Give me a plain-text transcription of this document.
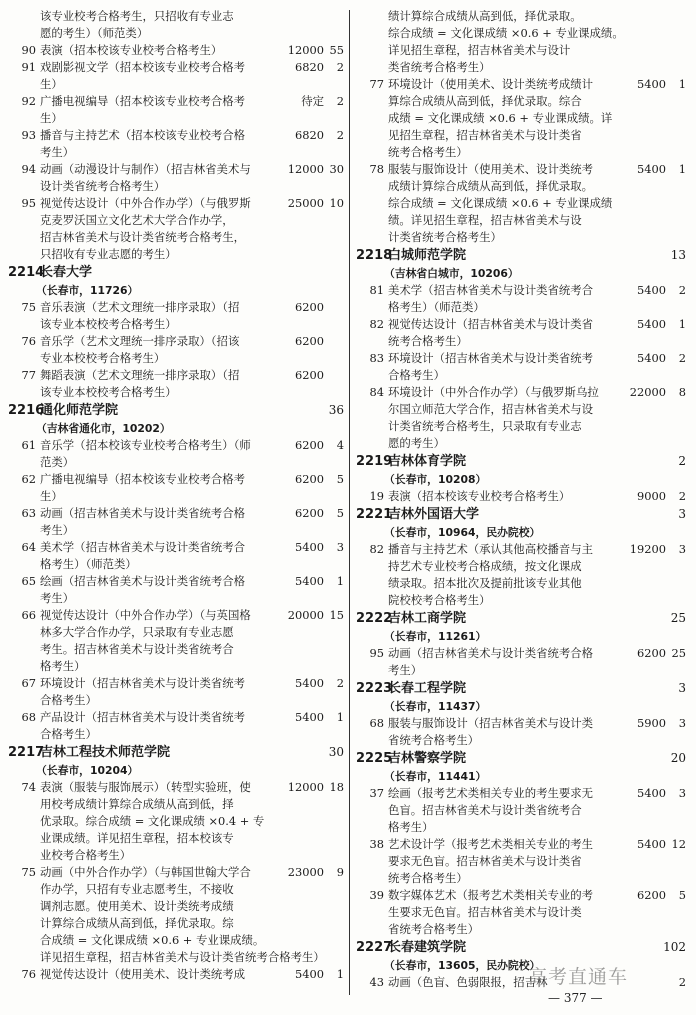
该专业校考合格考生，只招收有专业志
愿的考生）（师范类）
90 表演（招本校该专业校考合格考生）	12000 55
91 戏剧影视文学（招本校该专业校考合格考	6820	2
生）
92 广播电视编导（招本校该专业校考合格考	待定	2
生）
93 播音与主持艺术（招本校该专业校考合格	6820	2
考生）
94 动画（动漫设计与制作）（招吉林省美术与	12000 30
设计类省统考合格考生）
95 视觉传达设计（中外合作办学）（与俄罗斯	25000 10
克麦罗沃国立文化艺术大学合作办学，
招吉林省美术与设计类省统考合格考生，
只招收有专业志愿的考生）
2214
长春大学
（长春市，11726）
75 音乐表演（艺术文理统一排序录取）（招	6200
该专业本校校考合格考生）
76 音乐学（艺术文理统一排序录取）（招该	6200
专业本校校考合格考生）
77 舞蹈表演（艺术文理统一排序录取）（招	6200
该专业本校校考合格考生）
2216
通化师范学院	36
（吉林省通化市，10202）
61 音乐学（招本校该专业校考合格考生）（师	6200	4
范类）
62 广播电视编导（招本校该专业校考合格考	6200	5
生）
63 动画（招吉林省美术与设计类省统考合格	6200	5
考生）
64 美术学（招吉林省美术与设计类省统考合	5400	3
格考生）（师范类）
65 绘画（招吉林省美术与设计类省统考合格	5400	1
考生）
66 视觉传达设计（中外合作办学）（与英国格	20000 15
林多大学合作办学，只录取有专业志愿
考生。招吉林省美术与设计类省统考合
格考生）
67 环境设计（招吉林省美术与设计类省统考	5400	2
合格考生）
68 产品设计（招吉林省美术与设计类省统考	5400	1
合格考生）
2217
吉林工程技术师范学院	30
（长春市，10204）
74 表演（服装与服饰展示）（转型实验班，使	12000 18
用校考成绩计算综合成绩从高到低，择
优录取。综合成绩 = 文化课成绩 ×0.4 + 专
业课成绩。详见招生章程，招本校该专
业校考合格考生）
75 动画（中外合作办学）（与韩国世翰大学合	23000	9
作办学，只招有专业志愿考生，不接收
调剂志愿。使用美术、设计类统考成绩
计算综合成绩从高到低，择优录取。综
合成绩 = 文化课成绩 ×0.6 + 专业课成绩。
详见招生章程，招吉林省美术与设计类省统考合格考生）
76 视觉传达设计（使用美术、设计类统考成	5400	1
绩计算综合成绩从高到低，择优录取。
综合成绩 = 文化课成绩 ×0.6 + 专业课成绩。
详见招生章程，招吉林省美术与设计
类省统考合格考生）
77 环境设计（使用美术、设计类统考成绩计	5400	1
算综合成绩从高到低，择优录取。综合
成绩 = 文化课成绩 ×0.6 + 专业课成绩。详
见招生章程，招吉林省美术与设计类省
统考合格考生）
78 服装与服饰设计（使用美术、设计类统考	5400	1
成绩计算综合成绩从高到低，择优录取。
综合成绩 = 文化课成绩 ×0.6 + 专业课成绩
绩。详见招生章程，招吉林省美术与设
计类省统考合格考生）
2218
白城师范学院	13
（吉林省白城市，10206）
81 美术学（招吉林省美术与设计类省统考合	5400	2
格考生）（师范类）
82 视觉传达设计（招吉林省美术与设计类省	5400	1
统考合格考生）
83 环境设计（招吉林省美术与设计类省统考	5400	2
合格考生）
84 环境设计（中外合作办学）（与俄罗斯乌拉	22000	8
尔国立师范大学合作，招吉林省美术与设
计类省统考合格考生，只录取有专业志
愿的考生）
2219
吉林体育学院	2
（长春市，10208）
19 表演（招本校该专业校考合格考生）	9000	2
2221
吉林外国语大学	3
（长春市，10964，民办院校）
82 播音与主持艺术（承认其他高校播音与主	19200	3
持艺术专业校考合格成绩，按文化课成
绩录取。招本批次及提前批该专业其他
院校校考合格考生）
2222
吉林工商学院	25
（长春市，11261）
95 动画（招吉林省美术与设计类省统考合格	6200 25
考生）
2223
长春工程学院	3
（长春市，11437）
68 服装与服饰设计（招吉林省美术与设计类	5900	3
省统考合格考生）
2225
吉林警察学院	20
（长春市，11441）
37 绘画（报考艺术类相关专业的考生要求无	5400	3
色盲。招吉林省美术与设计类省统考合
格考生）
38 艺术设计学（报考艺术类相关专业的考生	5400 12
要求无色盲。招吉林省美术与设计类省
统考合格考生）
39 数字媒体艺术（报考艺术类相关专业的考	6200	5
生要求无色盲。招吉林省美术与设计类
省统考合格考生）
2227
长春建筑学院	102
（长春市，13605，民办院校）
43 动画（色盲、色弱限报，招吉林	2
高考直通车
— 377 —
